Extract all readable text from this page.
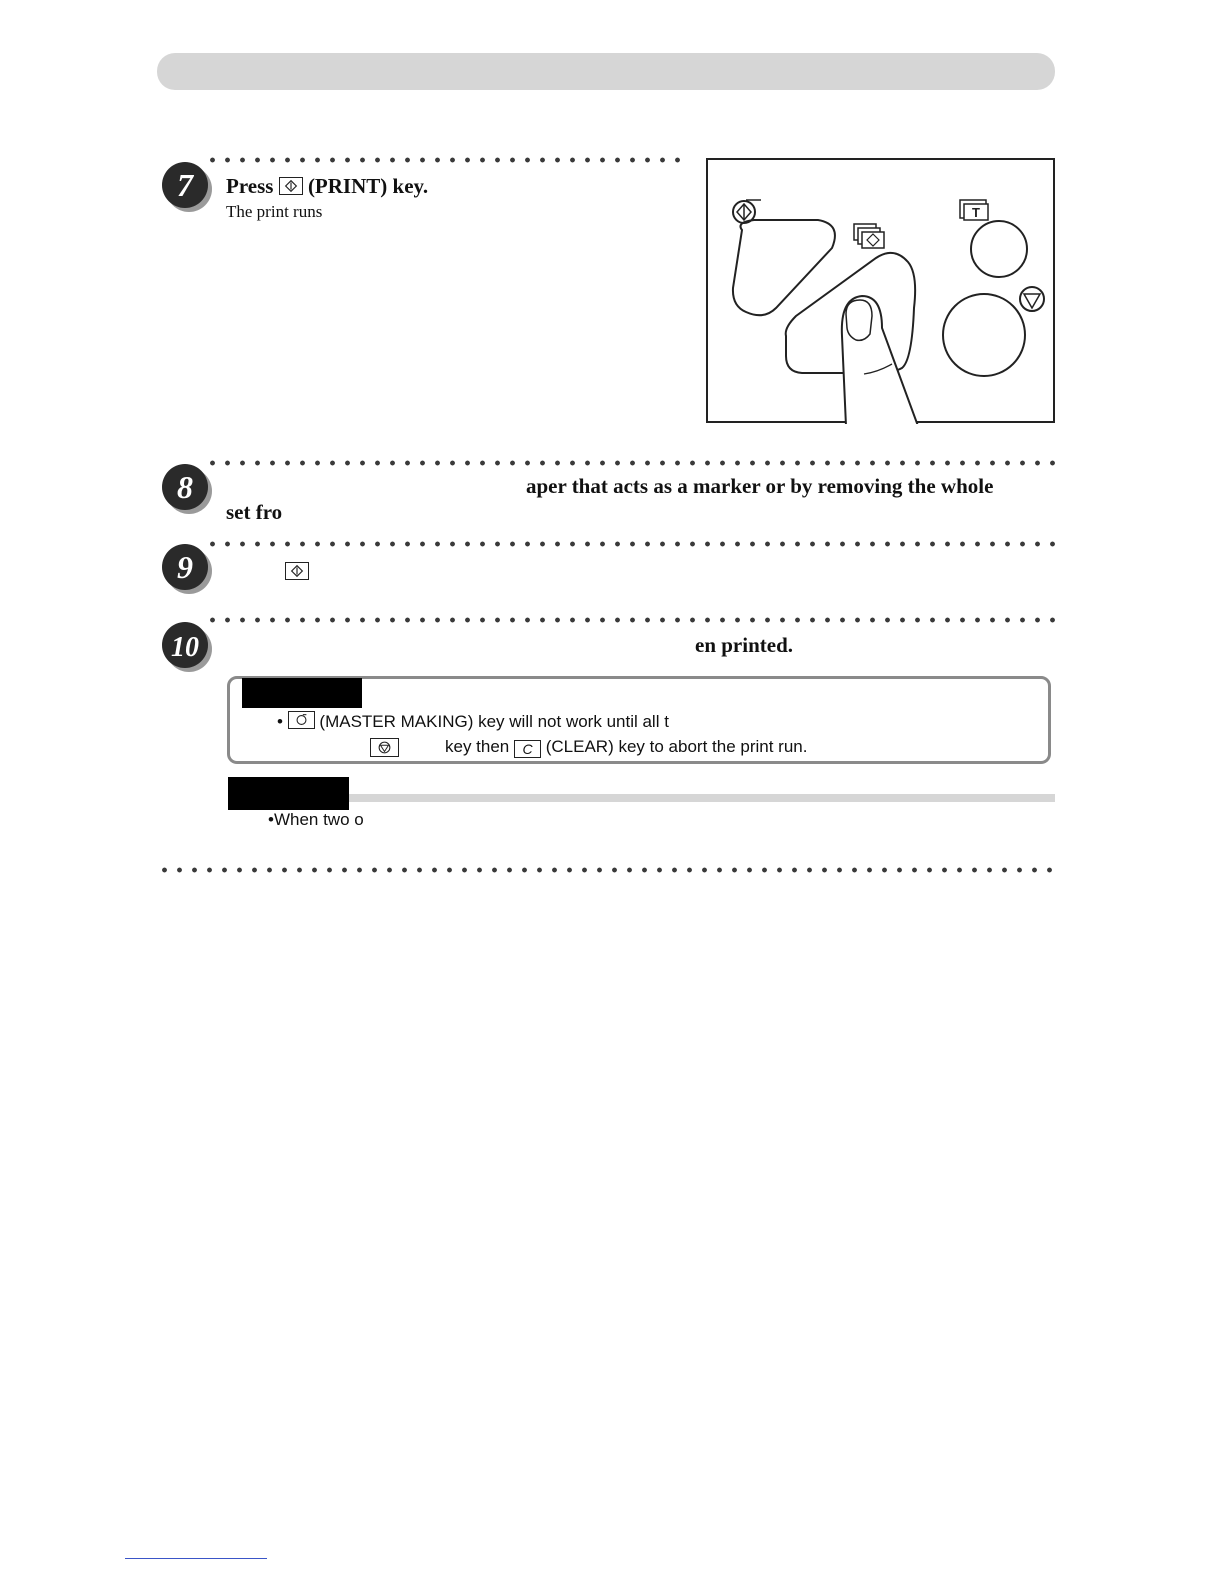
7 Press (PRINT) key.
The print runs	T
8	aper that acts as a marker or by removing the whole
set fro
9

10	en printed.
• (MASTER MAKING) key will not work until all t
key then C (CLEAR) key to abort the print run.
•When two o
